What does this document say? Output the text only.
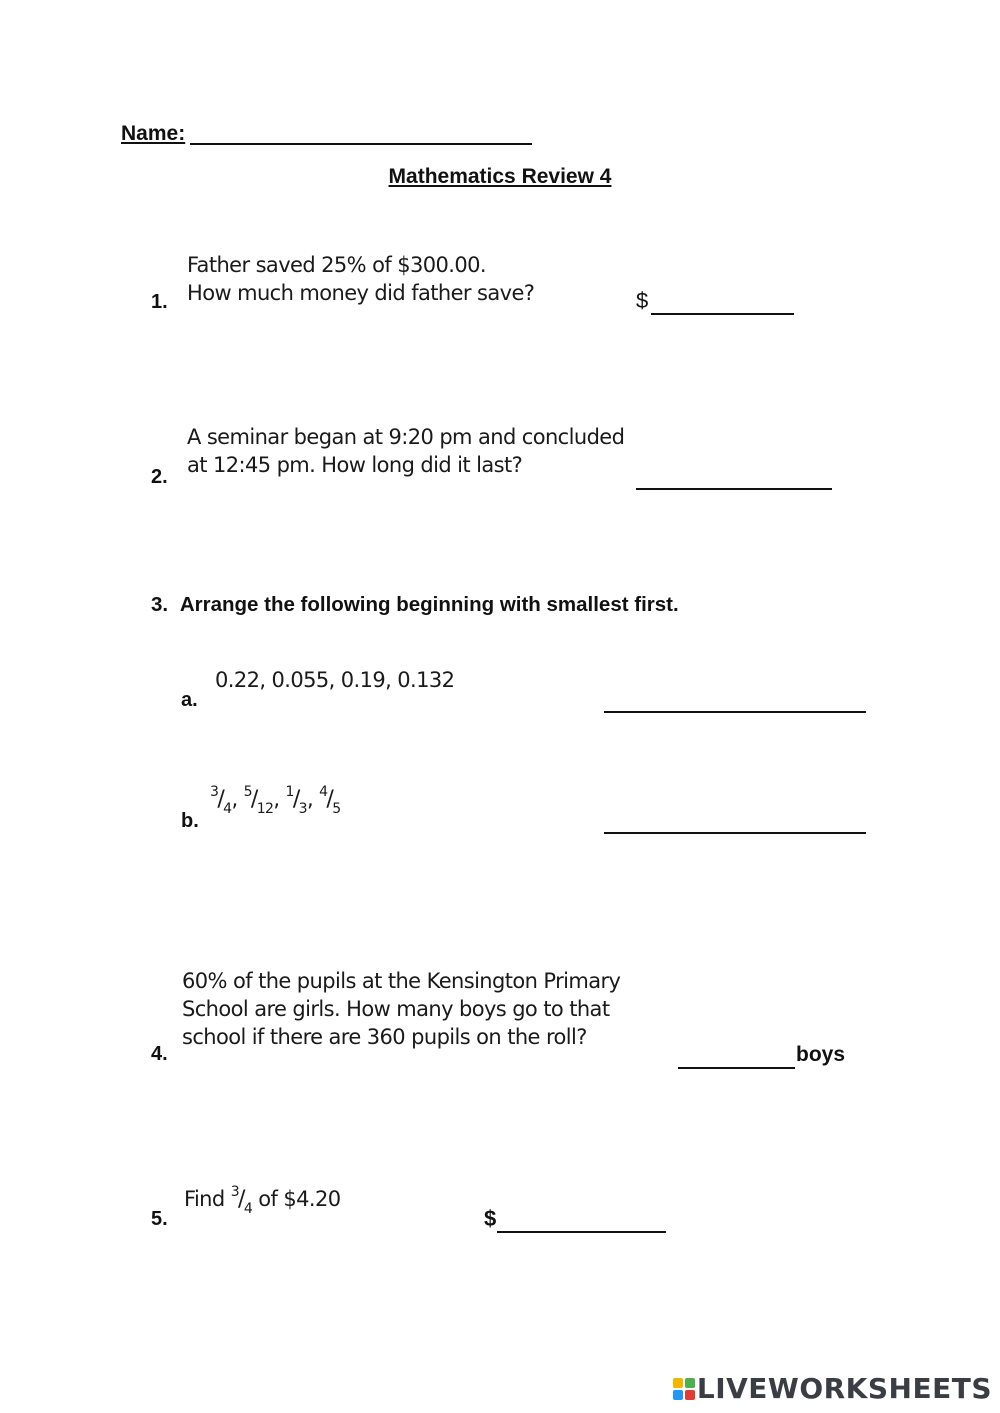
Name:
Mathematics Review 4
Father saved 25% of $300.00.
How much money did father save?
1.	$
A seminar began at 9:20 pm and concluded
at 12:45 pm. How long did it last?
2.
3. Arrange the following beginning with smallest first.
0.22, 0.055, 0.19, 0.132
a.
$^3/_4$, $^5/_{12}$, $^1/_3$, $^4/_5$
b.
60% of the pupils at the Kensington Primary
School are girls. How many boys go to that
school if there are 360 pupils on the roll?
4.	boys
Find $^3/_4$ of $4.20
5.	$
LIVEWORKSHEETS
